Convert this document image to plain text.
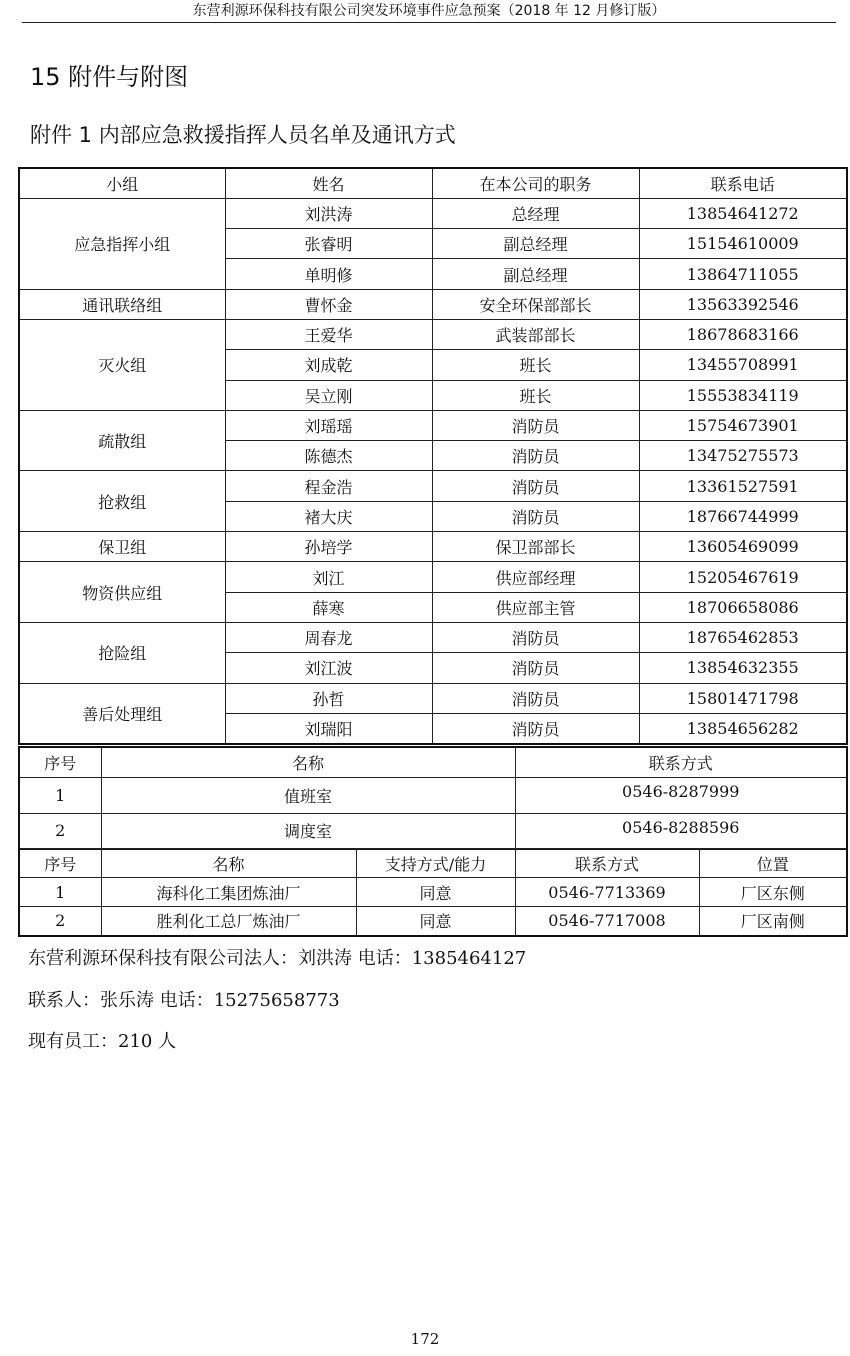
东营利源环保科技有限公司突发环境事件应急预案（2018 年 12 月修订版）
15 附件与附图
附件 1 内部应急救援指挥人员名单及通讯方式
小组	姓名	在本公司的职务	联系电话
应急指挥小组	刘洪涛	总经理	13854641272
	张睿明	副总经理	15154610009
	单明修	副总经理	13864711055
通讯联络组	曹怀金	安全环保部部长	13563392546
灭火组	王爱华	武装部部长	18678683166
	刘成乾	班长	13455708991
	吴立刚	班长	15553834119
疏散组	刘瑶瑶	消防员	15754673901
	陈德杰	消防员	13475275573
抢救组	程金浩	消防员	13361527591
	褚大庆	消防员	18766744999
保卫组	孙培学	保卫部部长	13605469099
物资供应组	刘江	供应部经理	15205467619
	薛寒	供应部主管	18706658086
抢险组	周春龙	消防员	18765462853
	刘江波	消防员	13854632355
善后处理组	孙哲	消防员	15801471798
	刘瑞阳	消防员	13854656282
序号	名称	联系方式
1	值班室	0546-8287999
2	调度室	0546-8288596
序号	名称	支持方式/能力	联系方式	位置
1	海科化工集团炼油厂	同意	0546-7713369	厂区东侧
2	胜利化工总厂炼油厂	同意	0546-7717008	厂区南侧
东营利源环保科技有限公司法人：刘洪涛 电话：1385464127
联系人：张乐涛 电话：15275658773
现有员工：210 人
172
